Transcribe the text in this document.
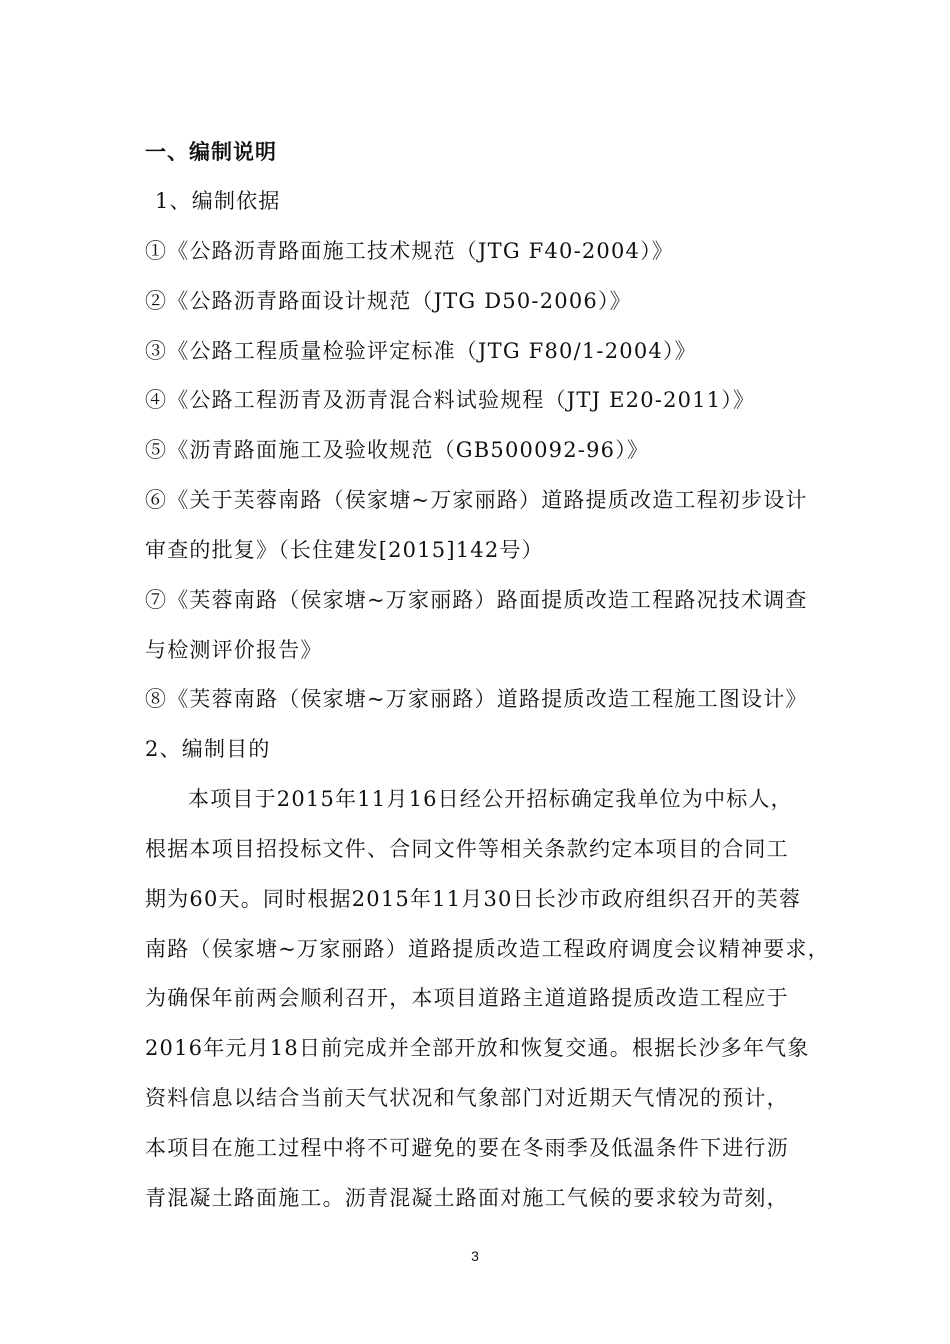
一、编制说明
1、编制依据
①《公路沥青路面施工技术规范（JTG F40-2004）》
②《公路沥青路面设计规范（JTG D50-2006）》
③《公路工程质量检验评定标准（JTG F80/1-2004）》
④《公路工程沥青及沥青混合料试验规程（JTJ E20-2011）》
⑤《沥青路面施工及验收规范（GB500092-96）》
⑥《关于芙蓉南路（侯家塘~万家丽路）道路提质改造工程初步设计
审查的批复》（长住建发[2015]142号）
⑦《芙蓉南路（侯家塘~万家丽路）路面提质改造工程路况技术调查
与检测评价报告》
⑧《芙蓉南路（侯家塘~万家丽路）道路提质改造工程施工图设计》
2、编制目的
本项目于2015年11月16日经公开招标确定我单位为中标人，
根据本项目招投标文件、合同文件等相关条款约定本项目的合同工
期为60天。同时根据2015年11月30日长沙市政府组织召开的芙蓉
南路（侯家塘~万家丽路）道路提质改造工程政府调度会议精神要求，
为确保年前两会顺利召开，本项目道路主道道路提质改造工程应于
2016年元月18日前完成并全部开放和恢复交通。根据长沙多年气象
资料信息以结合当前天气状况和气象部门对近期天气情况的预计，
本项目在施工过程中将不可避免的要在冬雨季及低温条件下进行沥
青混凝土路面施工。沥青混凝土路面对施工气候的要求较为苛刻，
3
